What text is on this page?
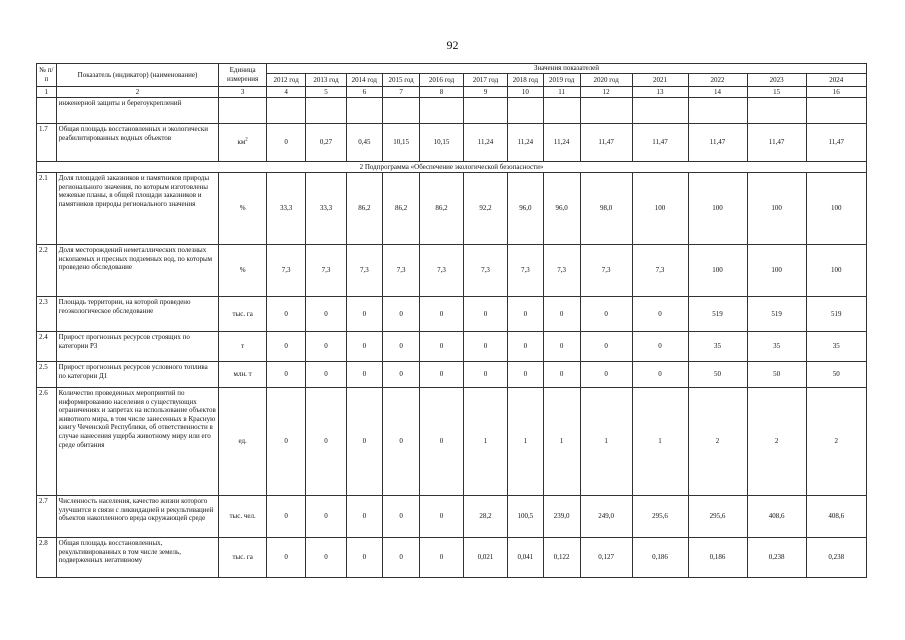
92
№ п/п	Показатель (индикатор) (наименование)	Единица измерения	Значения показателей												
			2012 год	2013 год	2014 год	2015 год	2016 год	2017 год	2018 год	2019 год	2020 год	2021	2022	2023	2024
1	2	3	4	5	6	7	8	9	10	11	12	13	14	15	16
	инженерной защиты и берегоукреплений														
1.7	Общая площадь восстановленных и экологически реабилитированных водных объектов	$км^2$	0	0,27	0,45	10,15	10,15	11,24	11,24	11,24	11,47	11,47	11,47	11,47	11,47
2 Подпрограмма «Обеспечение экологической безопасности»															
2.1	Доля площадей заказников и памятников природы регионального значения, по которым изготовлены межевые планы, в общей площади заказников и памятников природы регионального значения	%	33,3	33,3	86,2	86,2	86,2	92,2	96,0	96,0	98,0	100	100	100	100
2.2	Доля месторождений неметаллических полезных ископаемых и пресных подземных вод, по которым проведено обследование	%	7,3	7,3	7,3	7,3	7,3	7,3	7,3	7,3	7,3	7,3	100	100	100
2.3	Площадь территории, на которой проведено геоэкологическое обследование	тыс. га	0	0	0	0	0	0	0	0	0	0	519	519	519
2.4	Прирост прогнозных ресурсов строящих по категории Р3	т	0	0	0	0	0	0	0	0	0	0	35	35	35
2.5	Прирост прогнозных ресурсов условного топлива по категории Д1	млн. т	0	0	0	0	0	0	0	0	0	0	50	50	50
2.6	Количество проведенных мероприятий по информированию населения о существующих ограничениях и запретах на использование объектов животного мира, в том числе занесенных в Красную книгу Чеченской Республики, об ответственности в случае нанесения ущерба животному миру или его среде обитания	ед.	0	0	0	0	0	1	1	1	1	1	2	2	2
2.7	Численность населения, качество жизни которого улучшится в связи с ликвидацией и рекультивацией объектов накопленного вреда окружающей среде	тыс. чел.	0	0	0	0	0	28,2	100,5	239,0	249,0	295,6	295,6	408,6	408,6
2.8	Общая площадь восстановленных, рекультивированных в том числе земель, подверженных негативному	тыс. га	0	0	0	0	0	0,021	0,041	0,122	0,127	0,186	0,186	0,238	0,238
